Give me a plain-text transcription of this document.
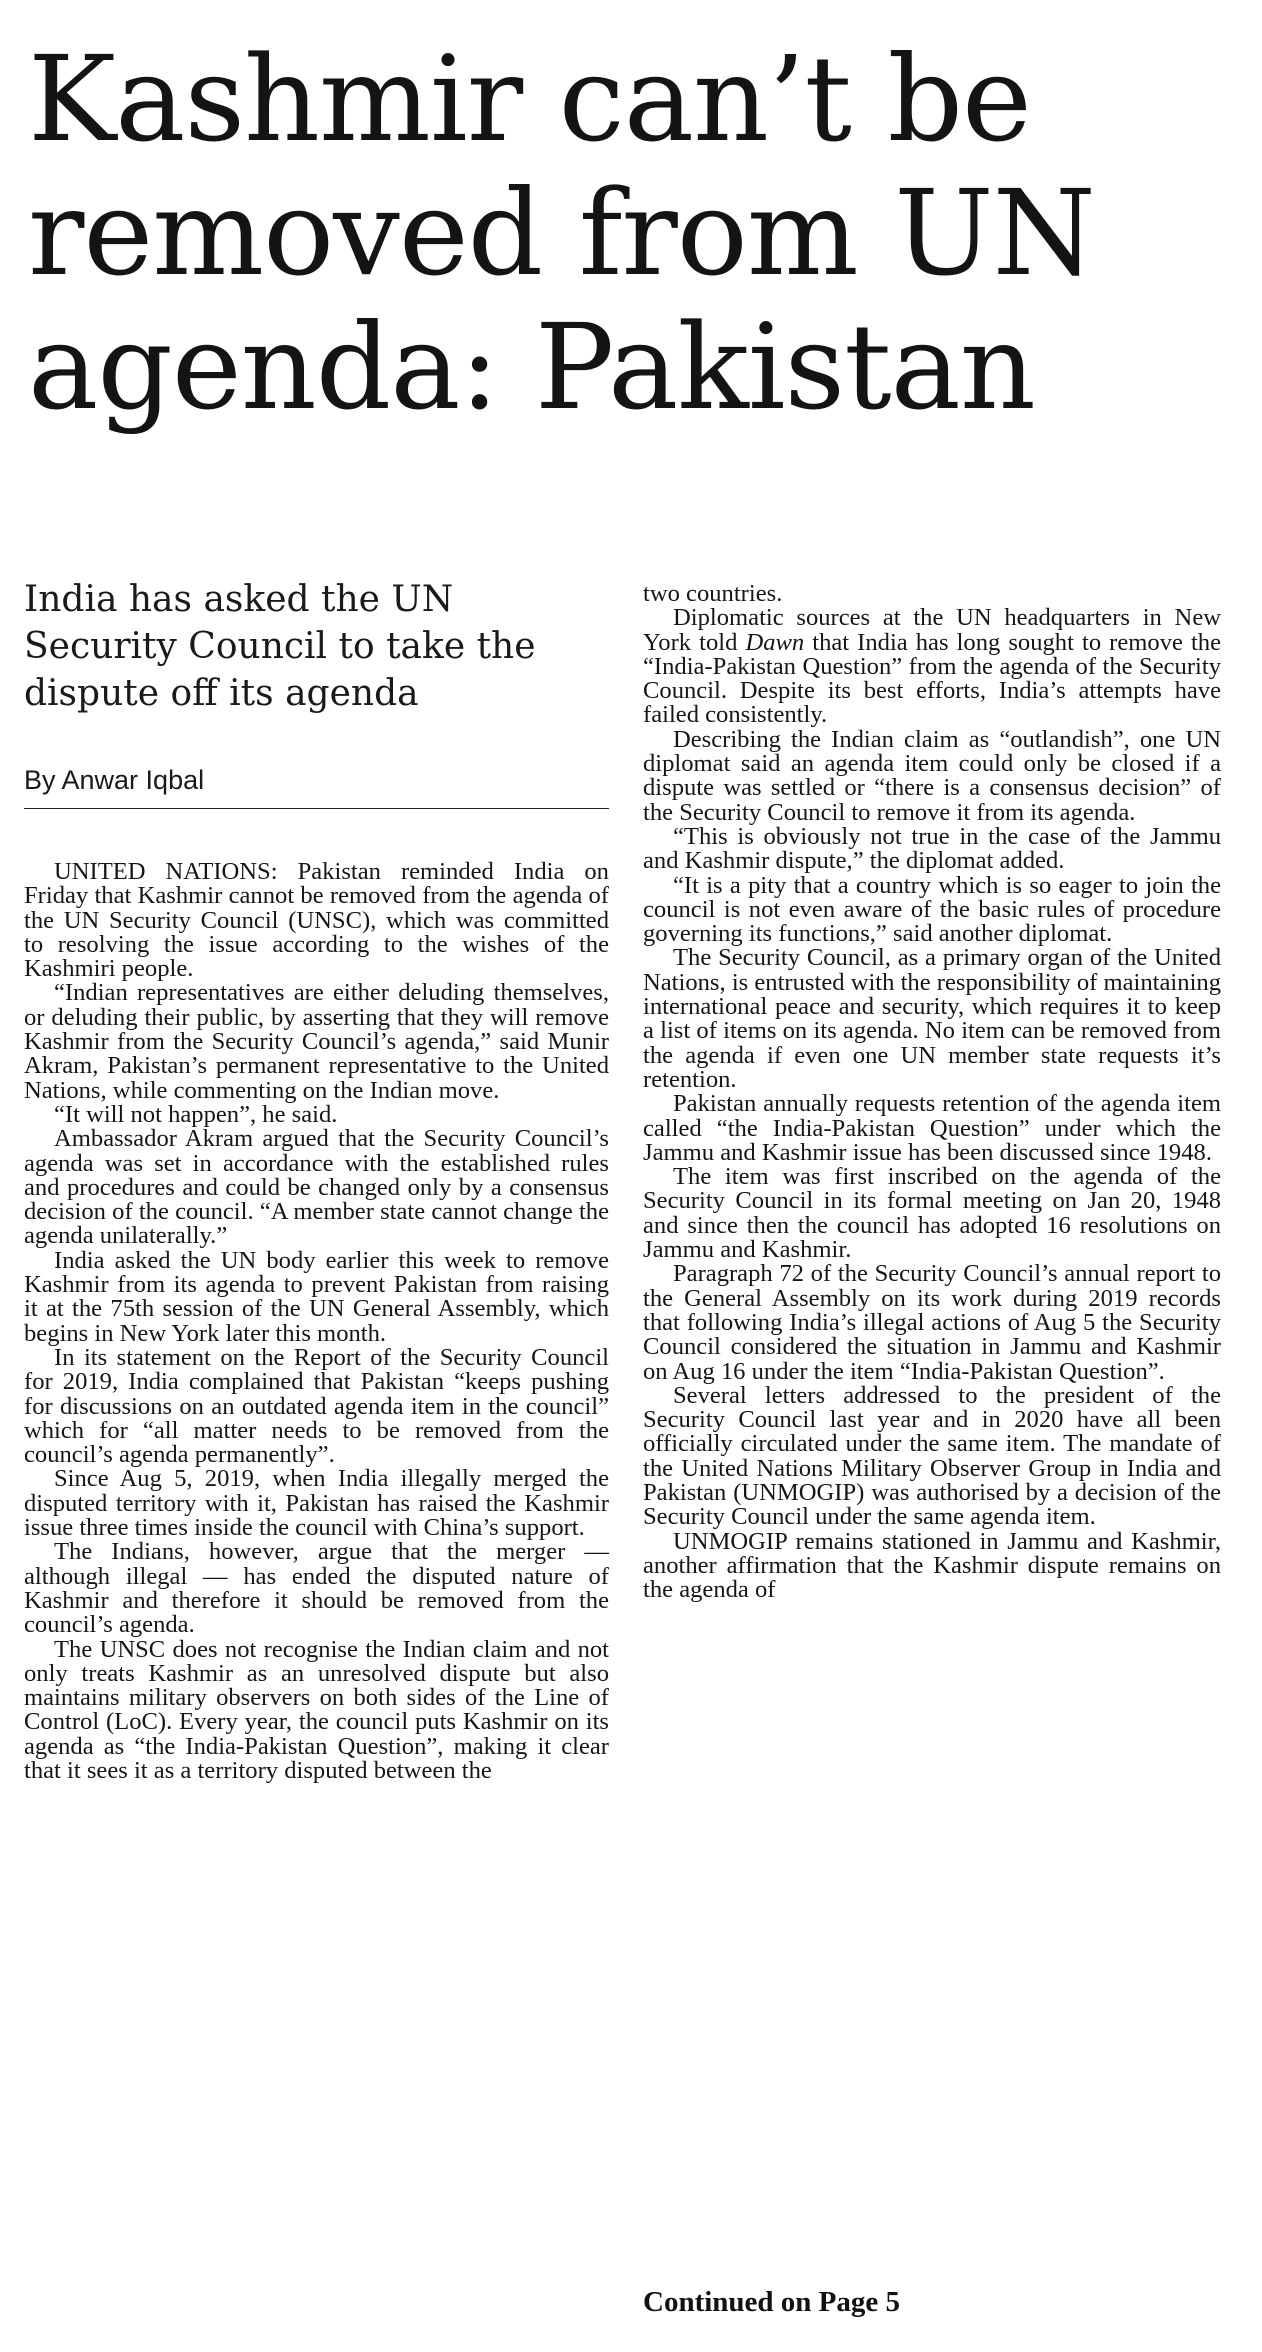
Kashmir can’t be removed from UN agenda: Pakistan
India has asked the UN Security Council to take the dispute off its agenda
By Anwar Iqbal

UNITED NATIONS: Pakistan reminded India on Friday that Kashmir cannot be removed from the agenda of the UN Security Council (UNSC), which was committed to resolving the issue according to the wishes of the Kashmiri people.

“Indian representatives are either deluding themselves, or deluding their public, by asserting that they will remove Kashmir from the Security Council’s agenda,” said Munir Akram, Pakistan’s permanent representative to the United Nations, while commenting on the Indian move.

“It will not happen”, he said.

Ambassador Akram argued that the Security Council’s agenda was set in accordance with the established rules and procedures and could be changed only by a consensus decision of the council. “A member state cannot change the agenda unilaterally.”

India asked the UN body earlier this week to remove Kashmir from its agenda to prevent Pakistan from raising it at the 75th session of the UN General Assembly, which begins in New York later this month.

In its statement on the Report of the Security Council for 2019, India complained that Pakistan “keeps pushing for discussions on an outdated agenda item in the council” which for “all matter needs to be removed from the council’s agenda permanently”.

Since Aug 5, 2019, when India illegally merged the disputed territory with it, Pakistan has raised the Kashmir issue three times inside the council with China’s support.

The Indians, however, argue that the merger — although illegal — has ended the disputed nature of Kashmir and therefore it should be removed from the council’s agenda.

The UNSC does not recognise the Indian claim and not only treats Kashmir as an unresolved dispute but also maintains military observers on both sides of the Line of Control (LoC). Every year, the council puts Kashmir on its agenda as “the India-Pakistan Question”, making it clear that it sees it as a territory disputed between the

two countries.

Diplomatic sources at the UN headquarters in New York told Dawn that India has long sought to remove the “India-Pakistan Question” from the agenda of the Security Council. Despite its best efforts, India’s attempts have failed consistently.

Describing the Indian claim as “outlandish”, one UN diplomat said an agenda item could only be closed if a dispute was settled or “there is a consensus decision” of the Security Council to remove it from its agenda.

“This is obviously not true in the case of the Jammu and Kashmir dispute,” the diplomat added.

“It is a pity that a country which is so eager to join the council is not even aware of the basic rules of procedure governing its functions,” said another diplomat.

The Security Council, as a primary organ of the United Nations, is entrusted with the responsibility of maintaining international peace and security, which requires it to keep a list of items on its agenda. No item can be removed from the agenda if even one UN member state requests it’s retention.

Pakistan annually requests retention of the agenda item called “the India-Pakistan Question” under which the Jammu and Kashmir issue has been discussed since 1948.

The item was first inscribed on the agenda of the Security Council in its formal meeting on Jan 20, 1948 and since then the council has adopted 16 resolutions on Jammu and Kashmir.

Paragraph 72 of the Security Council’s annual report to the General Assembly on its work during 2019 records that following India’s illegal actions of Aug 5 the Security Council considered the situation in Jammu and Kashmir on Aug 16 under the item “India-Pakistan Question”.

Several letters addressed to the president of the Security Council last year and in 2020 have all been officially circulated under the same item. The mandate of the United Nations Military Observer Group in India and Pakistan (UNMOGIP) was authorised by a decision of the Security Council under the same agenda item.

UNMOGIP remains stationed in Jammu and Kashmir, another affirmation that the Kashmir dispute remains on the agenda of

Continued on Page 5
